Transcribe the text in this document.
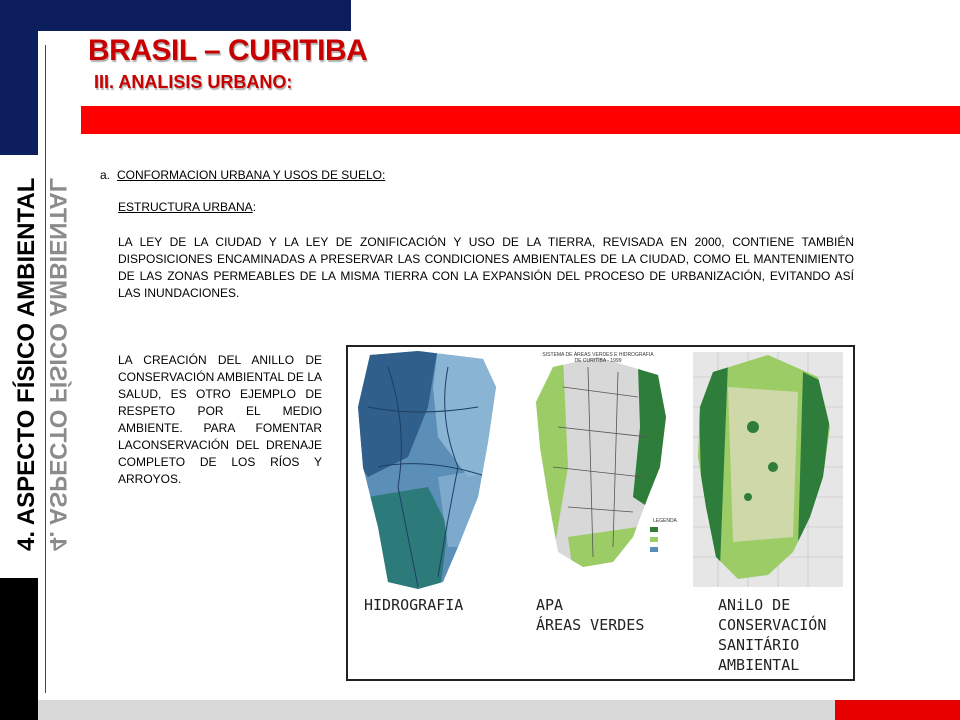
BRASIL – CURITIBA
III. ANALISIS URBANO:
4. ASPECTO FÍSICO AMBIENTAL 4. ASPECTO FÍSICO AMBIENTAL
a. CONFORMACION URBANA Y USOS DE SUELO:
ESTRUCTURA URBANA:

LA LEY DE LA CIUDAD Y LA LEY DE ZONIFICACIÓN Y USO DE LA TIERRA, REVISADA EN 2000, CONTIENE TAMBIÉN DISPOSICIONES ENCAMINADAS A PRESERVAR LAS CONDICIONES AMBIENTALES DE LA CIUDAD, COMO EL MANTENIMIENTO DE LAS ZONAS PERMEABLES DE LA MISMA TIERRA CON LA EXPANSIÓN DEL PROCESO DE URBANIZACIÓN, EVITANDO ASÍ LAS INUNDACIONES.

LA CREACIÓN DEL ANILLO DE CONSERVACIÓN AMBIENTAL DE LA SALUD, ES OTRO EJEMPLO DE RESPETO POR EL MEDIO AMBIENTE. PARA FOMENTAR LACONSERVACIÓN DEL DRENAJE COMPLETO DE LOS RÍOS Y ARROYOS.

SISTEMA DE ÁREAS VERDES E HIDROGRAFIA
DE CURITIBA - 1999
LEGENDA
HIDROGRAFIA	APA
ÁREAS VERDES
ANiLO DE
CONSERVACIÓN
SANITÁRIO
AMBIENTAL
